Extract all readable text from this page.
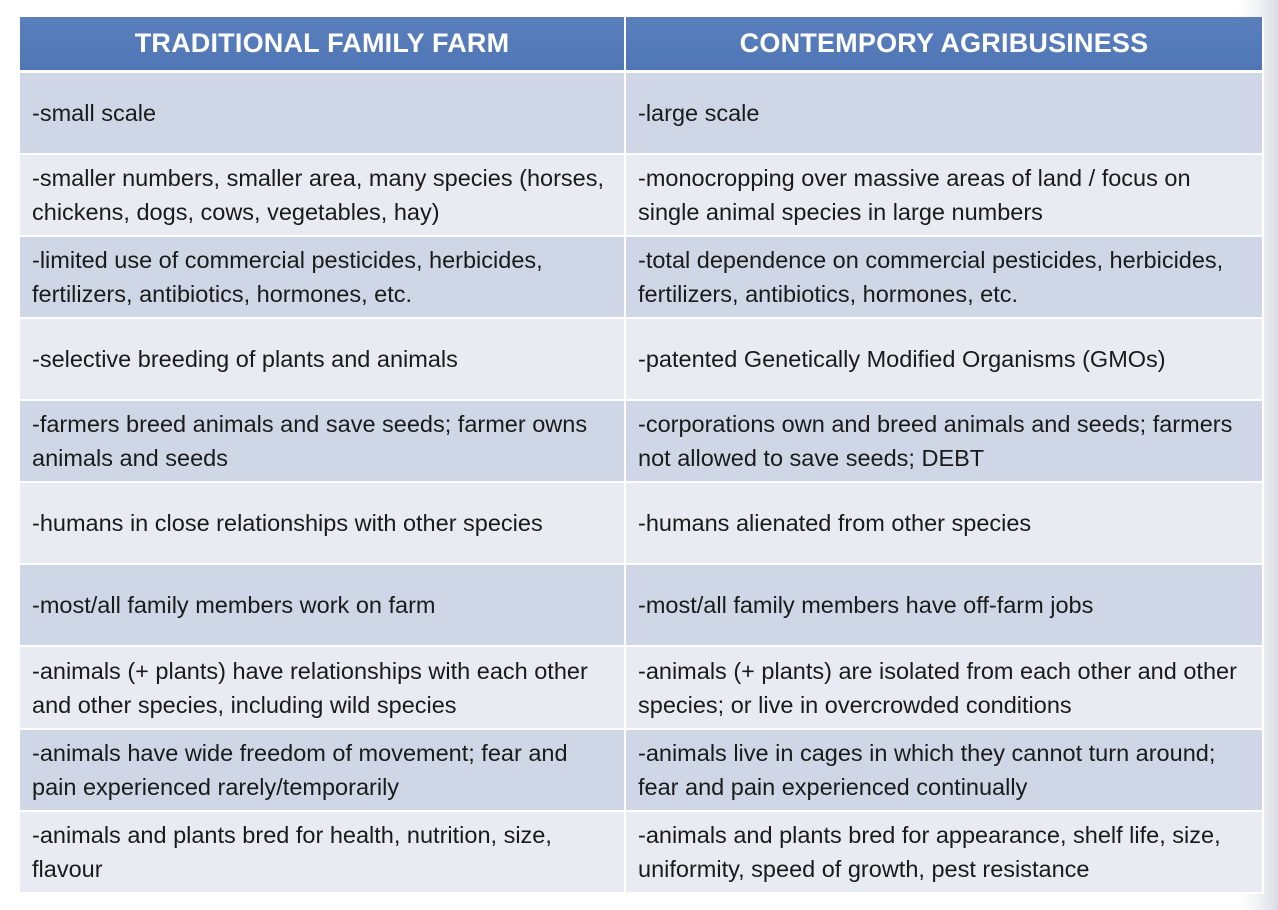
TRADITIONAL FAMILY FARM	CONTEMPORY AGRIBUSINESS
-small scale	-large scale
-smaller numbers, smaller area, many species (horses, chickens, dogs, cows, vegetables, hay)	-monocropping over massive areas of land / focus on single animal species in large numbers
-limited use of commercial pesticides, herbicides, fertilizers, antibiotics, hormones, etc.	-total dependence on commercial pesticides, herbicides, fertilizers, antibiotics, hormones, etc.
-selective breeding of plants and animals	-patented Genetically Modified Organisms (GMOs)
-farmers breed animals and save seeds; farmer owns animals and seeds	-corporations own and breed animals and seeds; farmers not allowed to save seeds; DEBT
-humans in close relationships with other species	-humans alienated from other species
-most/all family members work on farm	-most/all family members have off-farm jobs
-animals (+ plants) have relationships with each other and other species, including wild species	-animals (+ plants) are isolated from each other and other species; or live in overcrowded conditions
-animals have wide freedom of movement; fear and pain experienced rarely/temporarily	-animals live in cages in which they cannot turn around; fear and pain experienced continually
-animals and plants bred for health, nutrition, size, flavour	-animals and plants bred for appearance, shelf life, size, uniformity, speed of growth, pest resistance
